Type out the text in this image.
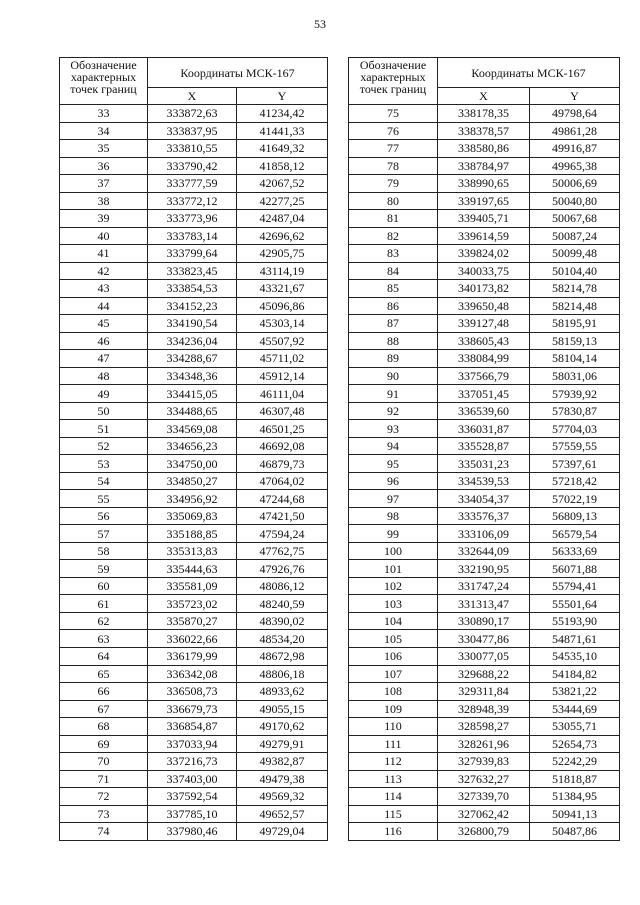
53
Обозначение характерных точек границ	Координаты МСК-167	
	X	Y
33	333872,63	41234,42
34	333837,95	41441,33
35	333810,55	41649,32
36	333790,42	41858,12
37	333777,59	42067,52
38	333772,12	42277,25
39	333773,96	42487,04
40	333783,14	42696,62
41	333799,64	42905,75
42	333823,45	43114,19
43	333854,53	43321,67
44	334152,23	45096,86
45	334190,54	45303,14
46	334236,04	45507,92
47	334288,67	45711,02
48	334348,36	45912,14
49	334415,05	46111,04
50	334488,65	46307,48
51	334569,08	46501,25
52	334656,23	46692,08
53	334750,00	46879,73
54	334850,27	47064,02
55	334956,92	47244,68
56	335069,83	47421,50
57	335188,85	47594,24
58	335313,83	47762,75
59	335444,63	47926,76
60	335581,09	48086,12
61	335723,02	48240,59
62	335870,27	48390,02
63	336022,66	48534,20
64	336179,99	48672,98
65	336342,08	48806,18
66	336508,73	48933,62
67	336679,73	49055,15
68	336854,87	49170,62
69	337033,94	49279,91
70	337216,73	49382,87
71	337403,00	49479,38
72	337592,54	49569,32
73	337785,10	49652,57
74	337980,46	49729,04
Обозначение характерных точек границ	Координаты МСК-167	
	X	Y
75	338178,35	49798,64
76	338378,57	49861,28
77	338580,86	49916,87
78	338784,97	49965,38
79	338990,65	50006,69
80	339197,65	50040,80
81	339405,71	50067,68
82	339614,59	50087,24
83	339824,02	50099,48
84	340033,75	50104,40
85	340173,82	58214,78
86	339650,48	58214,48
87	339127,48	58195,91
88	338605,43	58159,13
89	338084,99	58104,14
90	337566,79	58031,06
91	337051,45	57939,92
92	336539,60	57830,87
93	336031,87	57704,03
94	335528,87	57559,55
95	335031,23	57397,61
96	334539,53	57218,42
97	334054,37	57022,19
98	333576,37	56809,13
99	333106,09	56579,54
100	332644,09	56333,69
101	332190,95	56071,88
102	331747,24	55794,41
103	331313,47	55501,64
104	330890,17	55193,90
105	330477,86	54871,61
106	330077,05	54535,10
107	329688,22	54184,82
108	329311,84	53821,22
109	328948,39	53444,69
110	328598,27	53055,71
111	328261,96	52654,73
112	327939,83	52242,29
113	327632,27	51818,87
114	327339,70	51384,95
115	327062,42	50941,13
116	326800,79	50487,86
